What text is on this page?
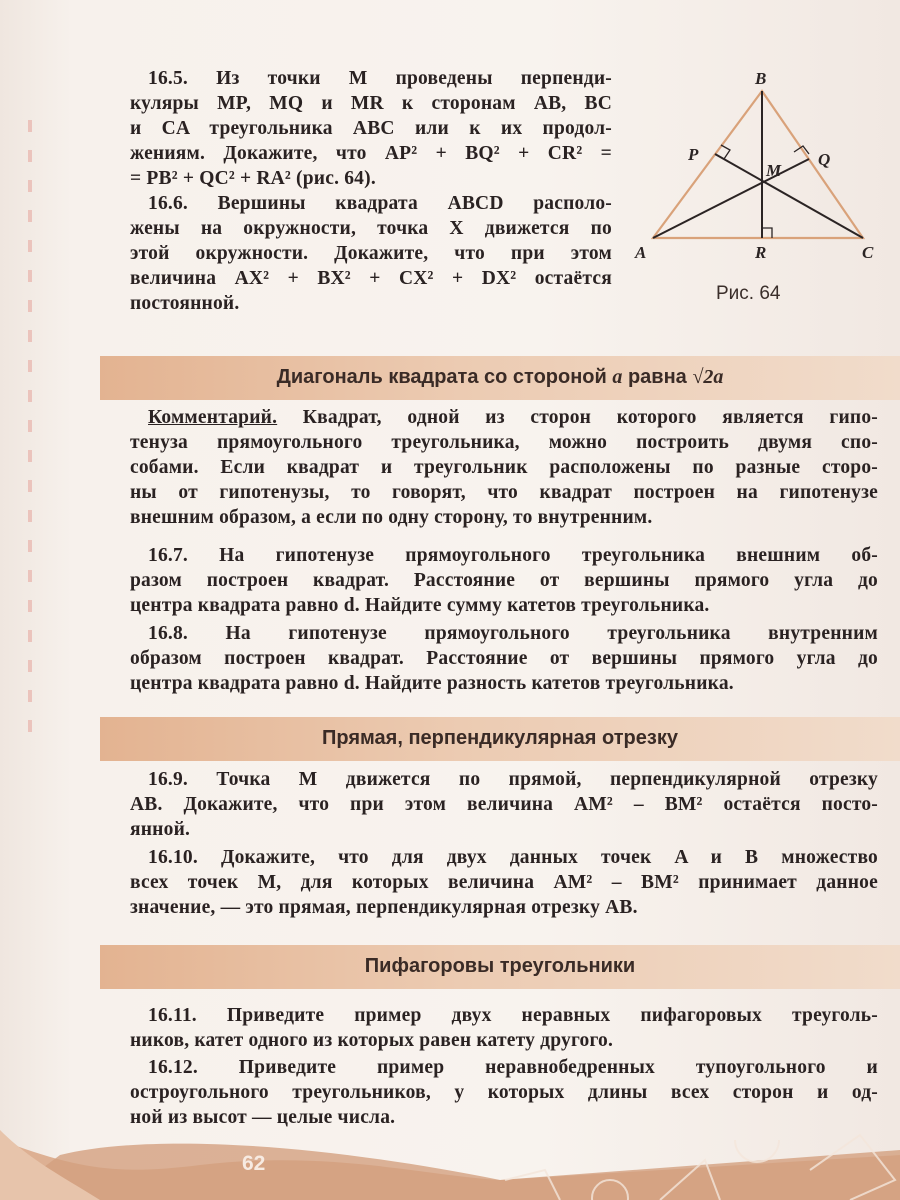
Диагональ квадрата со стороной a равна √2a
Прямая, перпендикулярная отрезку
Пифагоровы треугольники
16.5. Из точки M проведены перпенди-
куляры MP, MQ и MR к сторонам AB, BC
и CA треугольника ABC или к их продол-
жениям. Докажите, что AP² + BQ² + CR² =
= PB² + QC² + RA² (рис. 64).
16.6. Вершины квадрата ABCD располо-
жены на окружности, точка X движется по
этой окружности. Докажите, что при этом
величина AX² + BX² + CX² + DX² остаётся
постоянной.
Комментарий. Квадрат, одной из сторон которого является гипо-
тенуза прямоугольного треугольника, можно построить двумя спо-
собами. Если квадрат и треугольник расположены по разные сторо-
ны от гипотенузы, то говорят, что квадрат построен на гипотенузе
внешним образом, а если по одну сторону, то внутренним.
16.7. На гипотенузе прямоугольного треугольника внешним об-
разом построен квадрат. Расстояние от вершины прямого угла до
центра квадрата равно d. Найдите сумму катетов треугольника.
16.8. На гипотенузе прямоугольного треугольника внутренним
образом построен квадрат. Расстояние от вершины прямого угла до
центра квадрата равно d. Найдите разность катетов треугольника.
16.9. Точка M движется по прямой, перпендикулярной отрезку
AB. Докажите, что при этом величина AM² – BM² остаётся посто-
янной.
16.10. Докажите, что для двух данных точек A и B множество
всех точек M, для которых величина AM² – BM² принимает данное
значение, — это прямая, перпендикулярная отрезку AB.
16.11. Приведите пример двух неравных пифагоровых треуголь-
ников, катет одного из которых равен катету другого.
16.12. Приведите пример неравнобедренных тупоугольного и
остроугольного треугольников, у которых длины всех сторон и од-
ной из высот — целые числа.
B
P
M
Q
A	R	C
Рис. 64
62
